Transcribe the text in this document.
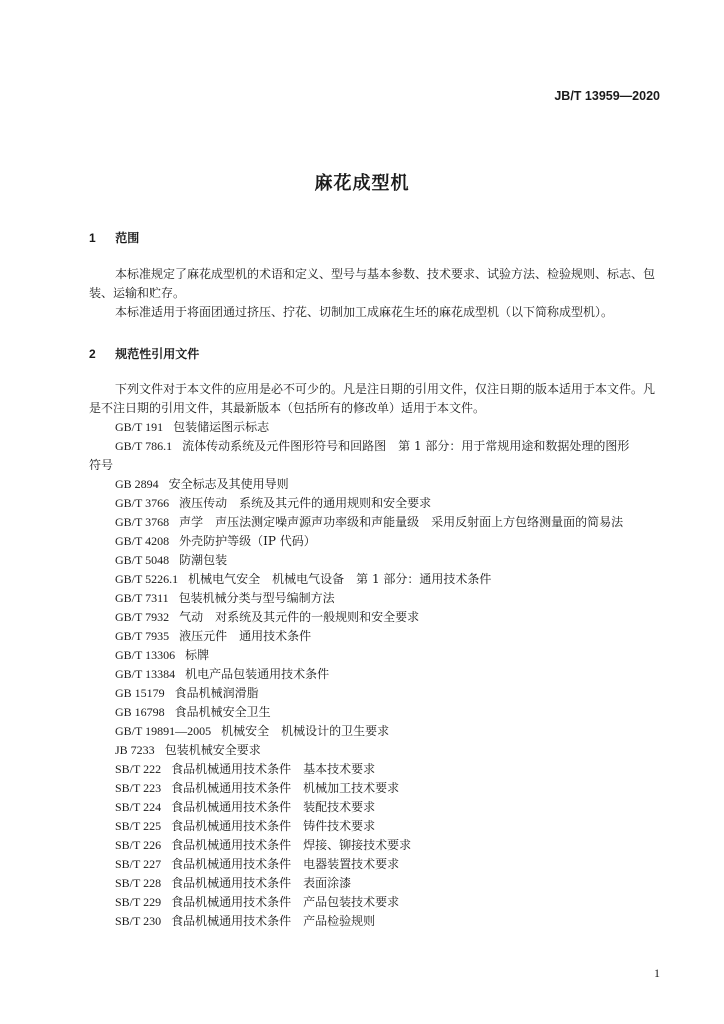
JB/T 13959—2020
麻花成型机
1 范围
本标准规定了麻花成型机的术语和定义、型号与基本参数、技术要求、试验方法、检验规则、标志、包装、运输和贮存。
本标准适用于将面团通过挤压、拧花、切制加工成麻花生坯的麻花成型机（以下简称成型机）。
2 规范性引用文件
下列文件对于本文件的应用是必不可少的。凡是注日期的引用文件，仅注日期的版本适用于本文件。凡是不注日期的引用文件，其最新版本（包括所有的修改单）适用于本文件。
GB/T 191 包装储运图示标志
GB/T 786.1 流体传动系统及元件图形符号和回路图　第 1 部分：用于常规用途和数据处理的图形
符号
GB 2894 安全标志及其使用导则
GB/T 3766 液压传动　系统及其元件的通用规则和安全要求
GB/T 3768 声学　声压法测定噪声源声功率级和声能量级　采用反射面上方包络测量面的简易法
GB/T 4208 外壳防护等级（IP 代码）
GB/T 5048 防潮包装
GB/T 5226.1 机械电气安全　机械电气设备　第 1 部分：通用技术条件
GB/T 7311 包装机械分类与型号编制方法
GB/T 7932 气动　对系统及其元件的一般规则和安全要求
GB/T 7935 液压元件　通用技术条件
GB/T 13306 标牌
GB/T 13384 机电产品包装通用技术条件
GB 15179 食品机械润滑脂
GB 16798 食品机械安全卫生
GB/T 19891—2005 机械安全　机械设计的卫生要求
JB 7233 包装机械安全要求
SB/T 222 食品机械通用技术条件　基本技术要求
SB/T 223 食品机械通用技术条件　机械加工技术要求
SB/T 224 食品机械通用技术条件　装配技术要求
SB/T 225 食品机械通用技术条件　铸件技术要求
SB/T 226 食品机械通用技术条件　焊接、铆接技术要求
SB/T 227 食品机械通用技术条件　电器装置技术要求
SB/T 228 食品机械通用技术条件　表面涂漆
SB/T 229 食品机械通用技术条件　产品包装技术要求
SB/T 230 食品机械通用技术条件　产品检验规则
1
